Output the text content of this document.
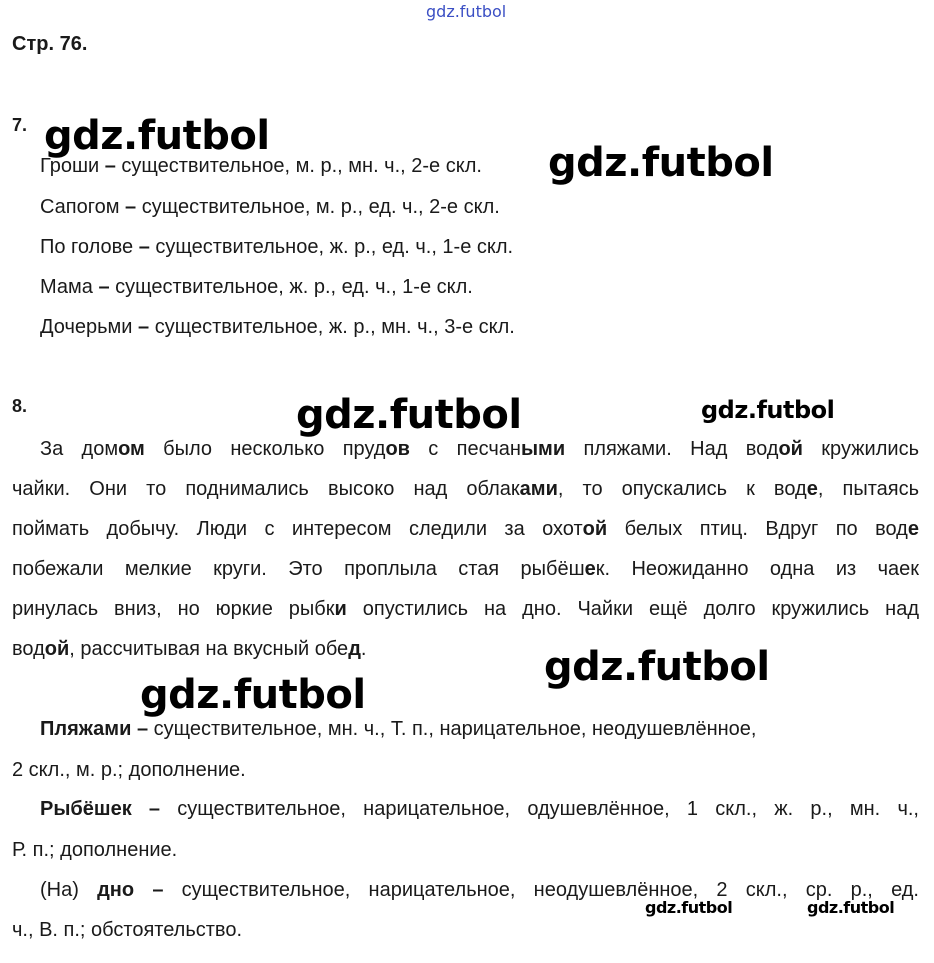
gdz.futbol
Стр. 76.
7.
Гроши – существительное, м. р., мн. ч., 2-е скл.
Сапогом – существительное, м. р., ед. ч., 2-е скл.
По голове – существительное, ж. р., ед. ч., 1-е скл.
Мама – существительное, ж. р., ед. ч., 1-е скл.
Дочерьми – существительное, ж. р., мн. ч., 3-е скл.
8.
За домом было несколько прудов с песчаными пляжами. Над водой кружились
чайки. Они то поднимались высоко над облаками, то опускались к воде, пытаясь
поймать добычу. Люди с интересом следили за охотой белых птиц. Вдруг по воде
побежали мелкие круги. Это проплыла стая рыбёшек. Неожиданно одна из чаек
ринулась вниз, но юркие рыбки опустились на дно. Чайки ещё долго кружились над
водой, рассчитывая на вкусный обед.
Пляжами – существительное, мн. ч., Т. п., нарицательное, неодушевлённое,
2 скл., м. р.; дополнение.
Рыбёшек – существительное, нарицательное, одушевлённое, 1 скл., ж. р., мн. ч.,
Р. п.; дополнение.
(На) дно – существительное, нарицательное, неодушевлённое, 2 скл., ср. р., ед.
ч., В. п.; обстоятельство.
gdz.futbol
gdz.futbol
gdz.futbol	gdz.futbol
gdz.futbol
gdz.futbol
gdz.futbol	gdz.futbol
